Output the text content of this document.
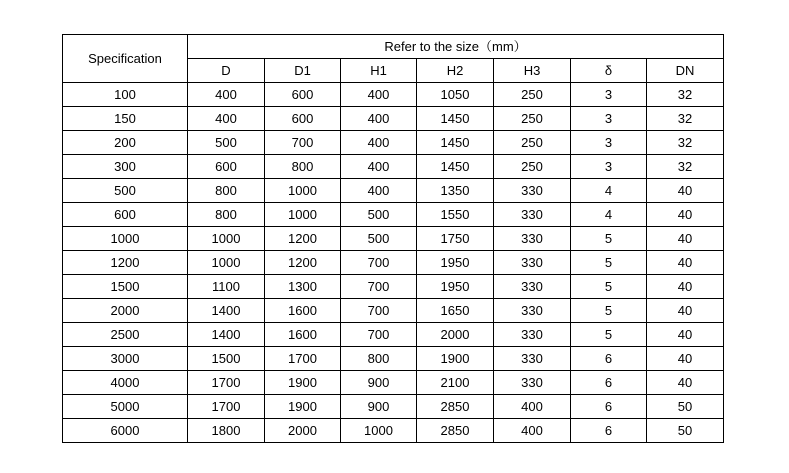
Specification	Refer to the size（mm）						
	D	D1	H1	H2	H3	δ	DN
100	400	600	400	1050	250	3	32
150	400	600	400	1450	250	3	32
200	500	700	400	1450	250	3	32
300	600	800	400	1450	250	3	32
500	800	1000	400	1350	330	4	40
600	800	1000	500	1550	330	4	40
1000	1000	1200	500	1750	330	5	40
1200	1000	1200	700	1950	330	5	40
1500	1100	1300	700	1950	330	5	40
2000	1400	1600	700	1650	330	5	40
2500	1400	1600	700	2000	330	5	40
3000	1500	1700	800	1900	330	6	40
4000	1700	1900	900	2100	330	6	40
5000	1700	1900	900	2850	400	6	50
6000	1800	2000	1000	2850	400	6	50
